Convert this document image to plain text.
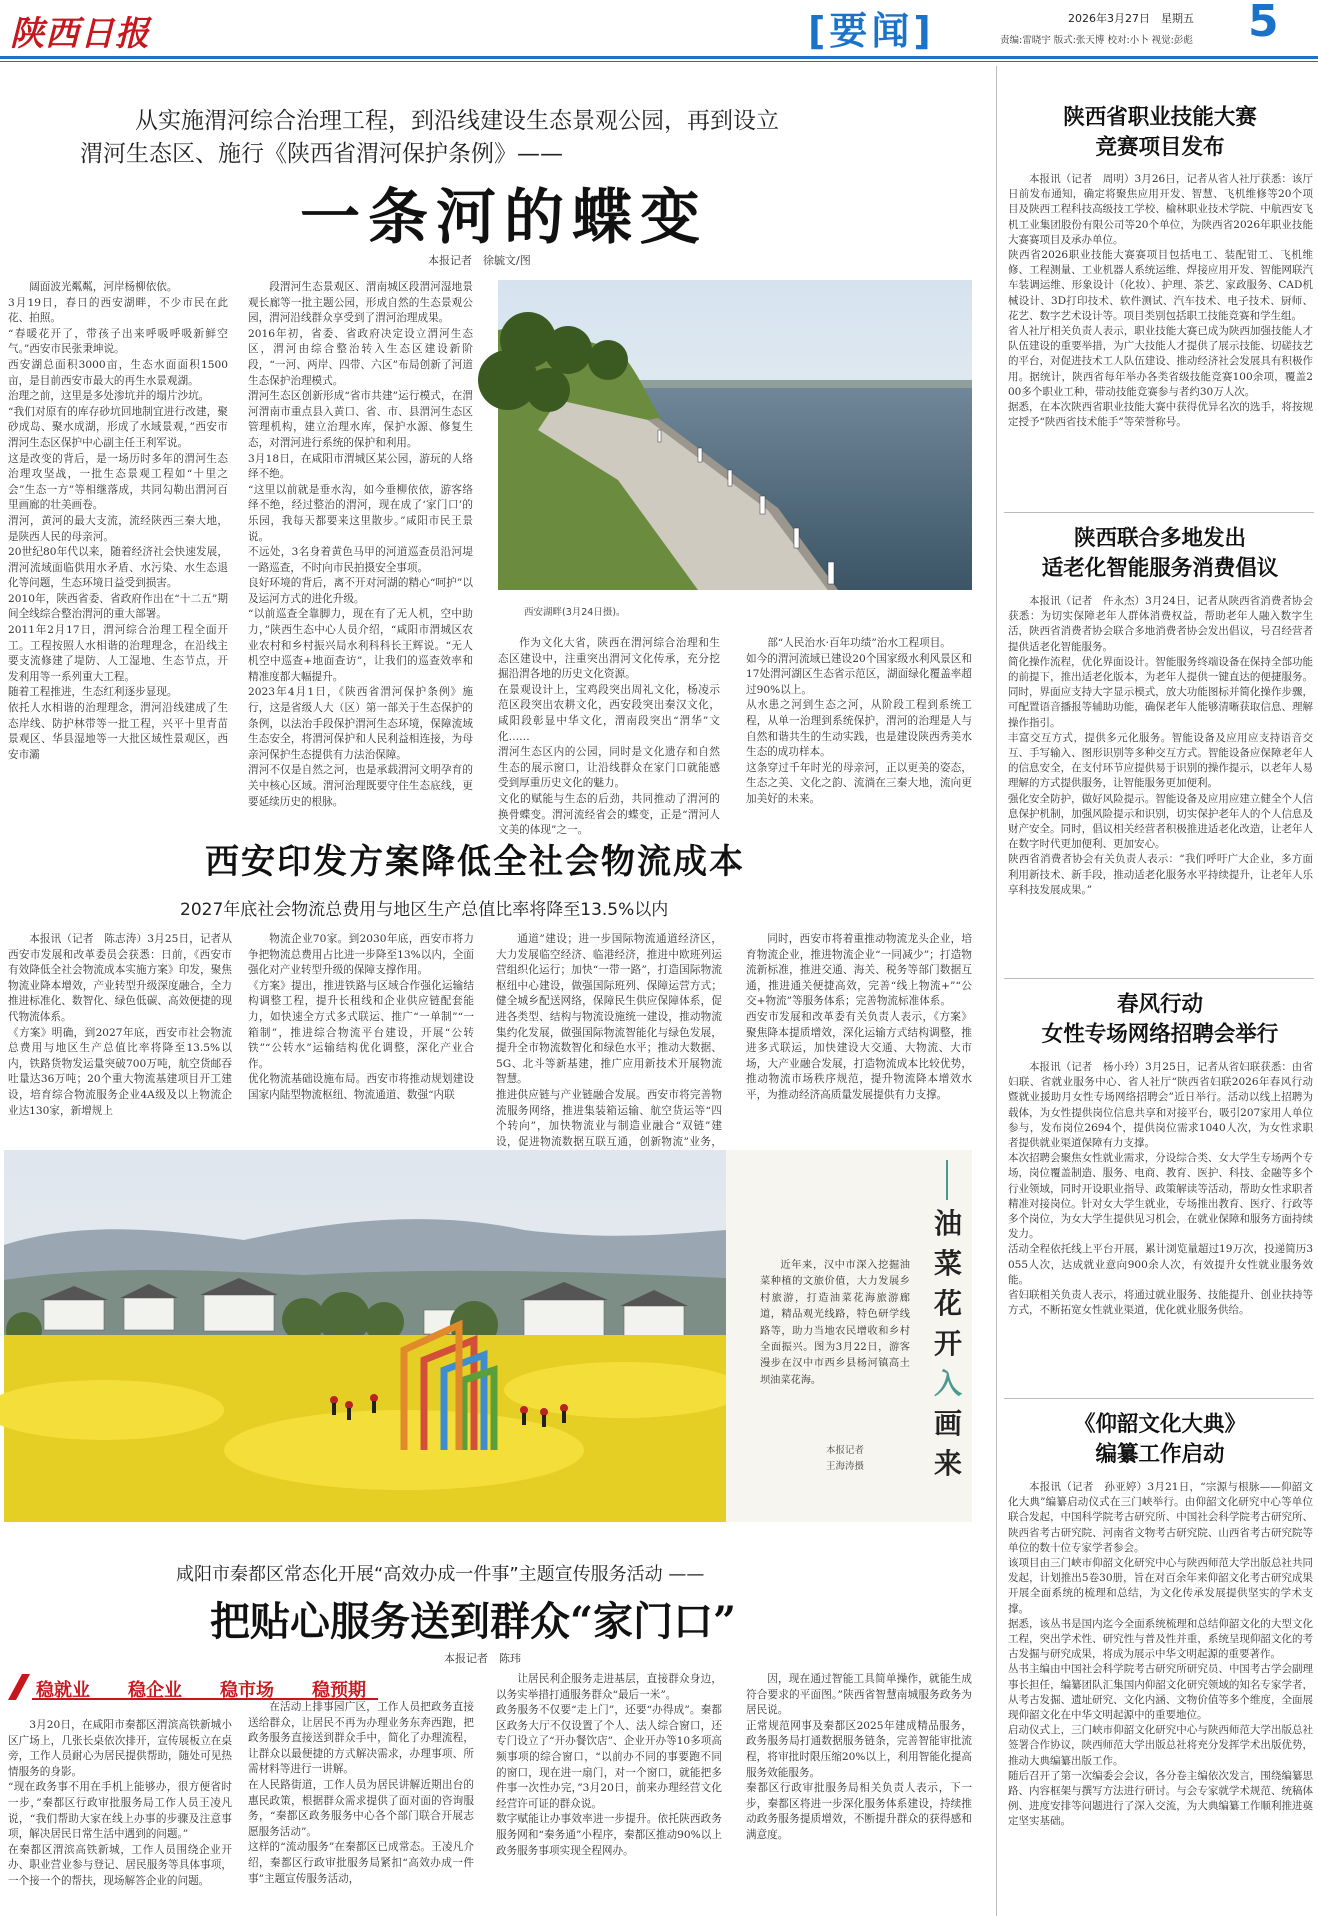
陕西日报	[要闻]	2026年3月27日　星期五
责编:雷晓宇 版式:张天博 校对:小卜 视觉:彭彪 5
从实施渭河综合治理工程，到沿线建设生态景观公园，再到设立
渭河生态区、施行《陕西省渭河保护条例》——
一条河的蝶变
本报记者　徐毓文/图

阔面波光粼粼，河岸杨柳依依。
3月19日，春日的西安湖畔，不少市民在此花、拍照。
“春暖花开了，带孩子出来呼吸呼吸新鲜空气。”西安市民张秉坤说。
西安湖总面积3000亩，生态水面面积1500亩，是目前西安市最大的再生水景观湖。
治理之前，这里是多处渗坑并的塌片沙坑。
“我们对原有的库存砂坑回地制宜进行改建，聚砂成岛、聚水成湖，形成了水域景观，”西安市渭河生态区保护中心副主任王利军说。
这是改变的背后，是一场历时多年的渭河生态治理攻坚战，一批生态景观工程如“十里之会”生态一方”等相继落成，共同勾勒出渭河百里画廊的壮美画卷。
渭河，黄河的最大支流，流经陕西三秦大地，是陕西人民的母亲河。
20世纪80年代以来，随着经济社会快速发展，渭河流域面临供用水矛盾、水污染、水生态退化等问题，生态环境日益受到损害。
2010年，陕西省委、省政府作出在“十二五”期间全线综合整治渭河的重大部署。
2011年2月17日，渭河综合治理工程全面开工。工程按照人水相谐的治理理念，在沿线主要支流修建了堤防、人工湿地、生态节点，开发利用等一系列重大工程。
随着工程推进，生态红利逐步显现。
依托人水相谐的治理理念，渭河沿线建成了生态岸线、防护林带等一批工程，兴平十里青苗景观区、华县湿地等一大批区域性景观区，西安市灞

段渭河生态景观区、渭南城区段渭河湿地景观长廊等一批主题公园，形成自然的生态景观公园，渭河沿线群众享受到了渭河治理成果。
2016年初，省委、省政府决定设立渭河生态区，渭河由综合整治转入生态区建设新阶段，“一河、两岸、四带、六区”布局创新了河道生态保护治理模式。
渭河生态区创新形成“省市共建”运行模式，在渭河渭南市重点县入黄口、省、市、县渭河生态区管理机构，建立治理水库，保护水源、修复生态，对渭河进行系统的保护和利用。
3月18日，在咸阳市渭城区某公园，游玩的人络绎不绝。
“这里以前就是垂水沟，如今垂柳依依，游客络绎不绝，经过整治的渭河，现在成了‘家门口’的乐园，我每天都要来这里散步。”咸阳市民王景说。
不远处，3名身着黄色马甲的河道巡查员沿河堤一路巡查，不时向市民拍摄安全事项。
良好环境的背后，离不开对河湖的精心“呵护”以及运河方式的进化升级。
“以前巡查全靠脚力，现在有了无人机，空中助力，”陕西生态中心人员介绍，“咸阳市渭城区农业农村和乡村振兴局水利科科长王辉说。“无人机空中巡查+地面查访”，让我们的巡查效率和精准度都大幅提升。
2023年4月1日，《陕西省渭河保护条例》施行，这是省级人大（区）第一部关于生态保护的条例，以法治手段保护渭河生态环境，保障流域生态安全，将渭河保护和人民利益相连接，为母亲河保护生态提供有力法治保障。
渭河不仅是自然之河，也是承载渭河文明孕育的关中核心区域。渭河治理既要守住生态底线，更要延续历史的根脉。

西安湖畔(3月24日摄)。

作为文化大省，陕西在渭河综合治理和生态区建设中，注重突出渭河文化传承，充分挖掘沿渭各地的历史文化资源。
在景观设计上，宝鸡段突出周礼文化，杨凌示范区段突出农耕文化，西安段突出秦汉文化，咸阳段彰显中华文化，渭南段突出“渭华”文化……
渭河生态区内的公园，同时是文化遗存和自然生态的展示窗口，让沿线群众在家门口就能感受到厚重历史文化的魅力。
文化的赋能与生态的后劲，共同推动了渭河的换骨蝶变。渭河流经省会的蝶变，正是“渭河人文美的体现”之一。

部“人民治水·百年功绩”治水工程项目。
如今的渭河流域已建设20个国家级水利风景区和17处渭河湖区生态省示范区，湖面绿化覆盖率超过90%以上。
从水患之河到生态之河，从阶段工程到系统工程，从单一治理到系统保护，渭河的治理是人与自然和谐共生的生动实践，也是建设陕西秀美水生态的成功样本。
这条穿过千年时光的母亲河，正以更美的姿态，生态之美、文化之韵、流淌在三秦大地，流向更加美好的未来。

西安印发方案降低全社会物流成本
2027年底社会物流总费用与地区生产总值比率将降至13.5%以内

本报讯（记者　陈志涛）3月25日，记者从西安市发展和改革委员会获悉：日前，《西安市有效降低全社会物流成本实施方案》印发，聚焦物流业降本增效，产业转型升级深度融合，全力推进标准化、数智化、绿色低碳、高效便捷的现代物流体系。
《方案》明确，到2027年底，西安市社会物流总费用与地区生产总值比率将降至13.5%以内，铁路货物发运量突破700万吨，航空货邮吞吐量达36万吨；20个重大物流基建项目开工建设，培育综合物流服务企业4A级及以上物流企业达130家，新增规上

物流企业70家。到2030年底，西安市将力争把物流总费用占比进一步降至13%以内，全面强化对产业转型升级的保障支撑作用。
《方案》提出，推进铁路与区域合作强化运输结构调整工程，提升长租线和企业供应链配套能力，如快速全方式多式联运、推广“一单制”“一箱制”，推进综合物流平台建设，开展“公转铁”“公转水”运输结构优化调整，深化产业合作。
优化物流基础设施布局。西安市将推动规划建设国家内陆型物流枢纽、物流通道、数强“内联

通道”建设；进一步国际物流通道经济区，大力发展临空经济、临港经济，推进中欧班列运营组织化运行；加快“一带一路”，打造国际物流枢纽中心建设，做强国际班列、保障运营方式；健全城乡配送网络，保障民生供应保障体系，促进各类型、结构与物流设施统一建设，推动物流集约化发展，做强国际物流智能化与绿色发展，提升全市物流数智化和绿色水平；推动大数据、5G、北斗等新基建，推广应用新技术开展物流智慧。
推进供应链与产业链融合发展。西安市将完善物流服务网络，推进集装箱运输、航空货运等“四个转向”，加快物流业与制造业融合“双链”建设，促进物流数据互联互通，创新物流”业务，

同时，西安市将着重推动物流龙头企业，培育物流企业，推进物流企业“一同减少”；打造物流新标准，推进交通、海关、税务等部门数据互通，推进通关便捷高效，完善“线上物流+”“公交+物流”等服务体系；完善物流标准体系。
西安市发展和改革委有关负责人表示，《方案》聚焦降本提质增效，深化运输方式结构调整，推进多式联运，加快建设大交通、大物流、大市场，大产业融合发展，打造物流成本比较优势，推动物流市场秩序规范，提升物流降本增效水平，为推动经济高质量发展提供有力支撑。

油
菜
花
开
入
画
来

近年来，汉中市深入挖掘油菜种植的文旅价值，大力发展乡村旅游，打造油菜花海旅游廊道，精品观光线路，特色研学线路等，助力当地农民增收和乡村全面振兴。图为3月22日，游客漫步在汉中市西乡县杨河镇高土坝油菜花海。

本报记者
王海涛摄
咸阳市秦都区常态化开展“高效办成一件事”主题宣传服务活动 ——
把贴心服务送到群众“家门口”
本报记者　陈玮
稳就业 稳企业 稳市场 稳预期

3月20日，在咸阳市秦都区渭滨高铁新城小区广场上，几张长桌依次排开，宣传展板立在桌旁，工作人员耐心为居民提供帮助，随处可见热情服务的身影。
“现在政务事不用在手机上能够办，很方便省时一步，”秦都区行政审批服务局工作人员王凌凡说，“我们帮助大家在线上办事的步骤及注意事项，解决居民日常生活中遇到的问题。”
在秦都区渭滨高铁新城，工作人员围绕企业开办、职业营业参与登记、居民服务等具体事项，一个接一个的帮扶，现场解答企业的问题。

在活动上排事园广区，工作人员把政务直接送给群众，让居民不再为办理业务东奔西跑，把政务服务直接送到群众手中，简化了办理流程，让群众以最便捷的方式解决需求，办理事项、所需材料等进行一讲解。
在人民路街道，工作人员为居民讲解近期出台的惠民政策，根据群众需求提供了面对面的咨询服务，“秦都区政务服务中心各个部门联合开展志愿服务活动”。
这样的“流动服务”在秦都区已成常态。王凌凡介绍，秦都区行政审批服务局紧扣“高效办成一件事”主题宣传服务活动，

让居民利企服务走进基层，直接群众身边，以务实举措打通服务群众“最后一米”。
政务服务不仅要“走上门”，还要“办得成”。秦都区政务大厅不仅设置了个人、法人综合窗口，还专门设立了“开办餐饮店”、企业开办等10多项高频事项的综合窗口，“以前办不同的事要跑不同的窗口，现在进一扇门，对一个窗口，就能把多件事一次性办完，”3月20日，前来办理经营文化经营许可证的群众说。
数字赋能让办事效率进一步提升。依托陕西政务服务网和“秦务通”小程序，秦都区推动90%以上政务服务事项实现全程网办。

因，现在通过智能工具简单操作，就能生成符合要求的平面图。”陕西省智慧南城服务政务为居民说。
正常规范网事及秦都区2025年建成精品服务，政务服务局打通数据服务链条，完善智能审批流程，将审批时限压缩20%以上，利用智能化提高服务效能服务。
秦都区行政审批服务局相关负责人表示，下一步，秦都区将进一步深化服务体系建设，持续推动政务服务提质增效，不断提升群众的获得感和满意度。

陕西省职业技能大赛
竞赛项目发布

本报讯（记者　周明）3月26日，记者从省人社厅获悉：该厅日前发布通知，确定将聚焦应用开发、智慧、飞机维修等20个项目及陕西工程科技高级技工学校、榆林职业技术学院、中航西安飞机工业集团股份有限公司等20个单位，为陕西省2026年职业技能大赛赛项目及承办单位。
陕西省2026职业技能大赛赛项目包括电工、装配钳工、飞机维修、工程测量、工业机器人系统运维、焊接应用开发、智能网联汽车装调运维、形象设计（化妆）、护理、茶艺、家政服务、CAD机械设计、3D打印技术、软件测试、汽车技术、电子技术、厨师、花艺、数字艺术设计等。项目类别包括职工技能竞赛和学生组。
省人社厅相关负责人表示，职业技能大赛已成为陕西加强技能人才队伍建设的重要举措，为广大技能人才提供了展示技能、切磋技艺的平台，对促进技术工人队伍建设、推动经济社会发展具有积极作用。据统计，陕西省每年举办各类省级技能竞赛100余项，覆盖200多个职业工种，带动技能竞赛参与者约30万人次。
据悉，在本次陕西省职业技能大赛中获得优异名次的选手，将按规定授予“陕西省技术能手”等荣誉称号。

陕西联合多地发出
适老化智能服务消费倡议

本报讯（记者　仵永杰）3月24日，记者从陕西省消费者协会获悉：为切实保障老年人群体消费权益，帮助老年人融入数字生活，陕西省消费者协会联合多地消费者协会发出倡议，号召经营者提供适老化智能服务。
简化操作流程，优化界面设计。智能服务终端设备在保持全部功能的前提下，推出适老化版本，为老年人提供一键直达的便捷服务。同时，界面应支持大字显示模式，放大功能图标并简化操作步骤，可配置语音播报等辅助功能，确保老年人能够清晰获取信息、理解操作指引。
丰富交互方式，提供多元化服务。智能设备及应用应支持语音交互、手写输入、图形识别等多种交互方式。智能设备应保障老年人的信息安全，在支付环节应提供易于识别的操作提示，以老年人易理解的方式提供服务，让智能服务更加便利。
强化安全防护，做好风险提示。智能设备及应用应建立健全个人信息保护机制，加强风险提示和识别，切实保护老年人的个人信息及财产安全。同时，倡议相关经营者积极推进适老化改造，让老年人在数字时代更加便利、更加安心。
陕西省消费者协会有关负责人表示：“我们呼吁广大企业，多方面利用新技术、新手段，推动适老化服务水平持续提升，让老年人乐享科技发展成果。”

春风行动
女性专场网络招聘会举行

本报讯（记者　杨小玲）3月25日，记者从省妇联获悉：由省妇联、省就业服务中心、省人社厅“陕西省妇联2026年春风行动暨就业援助月女性专场网络招聘会”近日举行。活动以线上招聘为载体，为女性提供岗位信息共享和对接平台，吸引207家用人单位参与，发布岗位2694个，提供岗位需求1040人次，为女性求职者提供就业渠道保障有力支撑。
本次招聘会聚焦女性就业需求，分设综合类、女大学生专场两个专场，岗位覆盖制造、服务、电商、教育、医护、科技、金融等多个行业领域，同时开设职业指导、政策解读等活动，帮助女性求职者精准对接岗位。针对女大学生就业，专场推出教育、医疗、行政等多个岗位，为女大学生提供见习机会，在就业保障和服务方面持续发力。
活动全程依托线上平台开展，累计浏览量超过19万次，投递简历3055人次，达成就业意向900余人次，有效提升女性就业服务效能。
省妇联相关负责人表示，将通过就业服务、技能提升、创业扶持等方式，不断拓宽女性就业渠道，优化就业服务供给。

《仰韶文化大典》
编纂工作启动

本报讯（记者　孙亚婷）3月21日，“宗源与根脉——仰韶文化大典”编纂启动仪式在三门峡举行。由仰韶文化研究中心等单位联合发起，中国科学院考古研究所、中国社会科学院考古研究所、陕西省考古研究院、河南省文物考古研究院、山西省考古研究院等单位的数十位专家学者参会。
该项目由三门峡市仰韶文化研究中心与陕西师范大学出版总社共同发起，计划推出5卷30册，旨在对百余年来仰韶文化考古研究成果开展全面系统的梳理和总结，为文化传承发展提供坚实的学术支撑。
据悉，该丛书是国内迄今全面系统梳理和总结仰韶文化的大型文化工程，突出学术性、研究性与普及性并重，系统呈现仰韶文化的考古发掘与研究成果，将成为展示中华文明起源的重要著作。
丛书主编由中国社会科学院考古研究所研究员、中国考古学会副理事长担任，编纂团队汇集国内仰韶文化研究领域的知名专家学者，从考古发掘、遗址研究、文化内涵、文物价值等多个维度，全面展现仰韶文化在中华文明起源中的重要地位。
启动仪式上，三门峡市仰韶文化研究中心与陕西师范大学出版总社签署合作协议，陕西师范大学出版总社将充分发挥学术出版优势，推动大典编纂出版工作。
随后召开了第一次编委会会议，各分卷主编依次发言，围绕编纂思路、内容框架与撰写方法进行研讨。与会专家就学术规范、统稿体例、进度安排等问题进行了深入交流，为大典编纂工作顺利推进奠定坚实基础。
